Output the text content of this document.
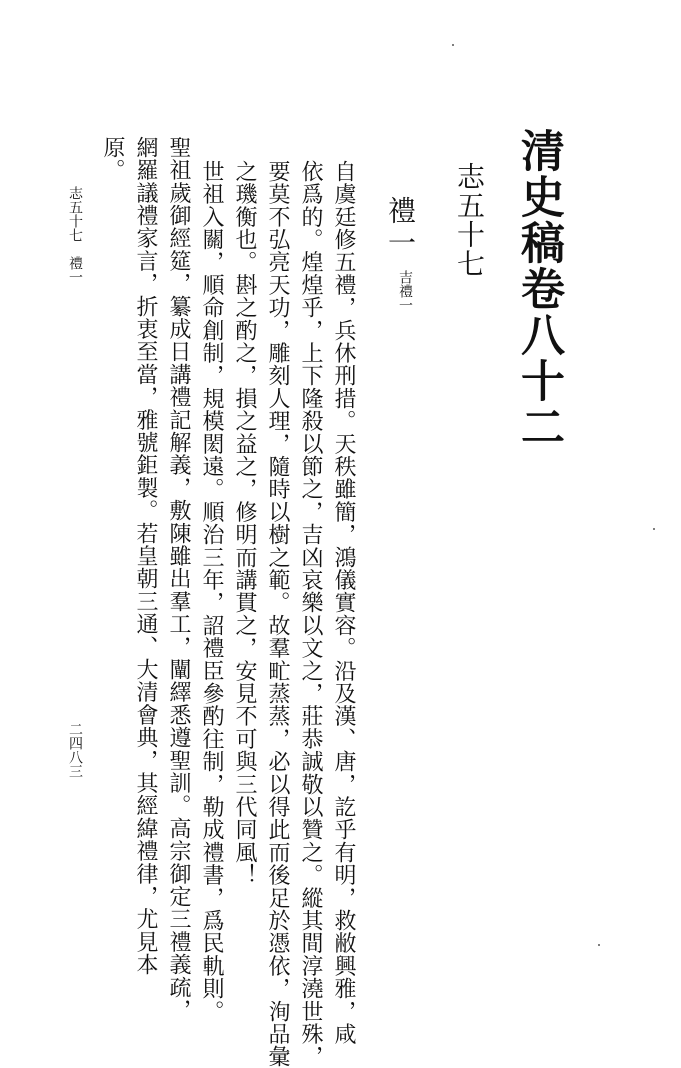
清史稿卷八十二
志五十七
禮一
吉禮一
自虞廷修五禮，兵休刑措。天秩雖簡，鴻儀實容。沿及漢、唐，訖乎有明，救敝興雅，咸
依爲的。煌煌乎，上下隆殺以節之，吉凶哀樂以文之，莊恭誠敬以贊之。縱其間淳澆世殊，
要莫不弘亮天功，雕刻人理，隨時以樹之範。故羣甿蒸蒸，必以得此而後足於憑依，洵品彙
之璣衡也。斟之酌之，損之益之，修明而講貫之，安見不可與三代同風！
世祖入關，順命創制，規模閎遠。順治三年，詔禮臣參酌往制，勒成禮書，爲民軌則。
聖祖歲御經筵，纂成日講禮記解義，敷陳雖出羣工，闡繹悉遵聖訓。高宗御定三禮義疏，
網羅議禮家言，折衷至當，雅號鉅製。若皇朝三通、大清會典，其經緯禮律，尤見本
原。
志五十七　禮一
二四八三
